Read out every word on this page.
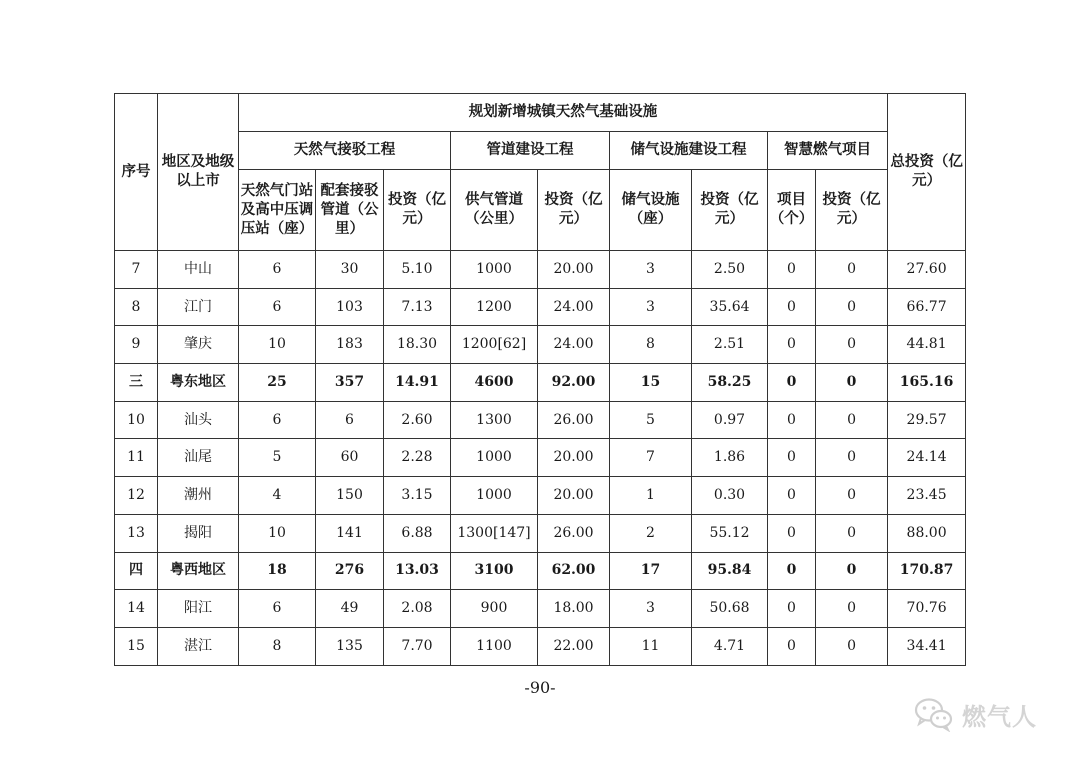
序号	地区及地级以上市	规划新增城镇天然气基础设施									总投资（亿元）
		天然气接驳工程			管道建设工程		储气设施建设工程		智慧燃气项目		
		天然气门站及高中压调压站（座）	配套接驳管道（公里）	投资（亿元）	供气管道（公里）	投资（亿元）	储气设施（座）	投资（亿元）	项目（个）	投资（亿元）	
7	中山	6	30	5.10	1000	20.00	3	2.50	0	0	27.60
8	江门	6	103	7.13	1200	24.00	3	35.64	0	0	66.77
9	肇庆	10	183	18.30	1200[62]	24.00	8	2.51	0	0	44.81
三	粤东地区	25	357	14.91	4600	92.00	15	58.25	0	0	165.16
10	汕头	6	6	2.60	1300	26.00	5	0.97	0	0	29.57
11	汕尾	5	60	2.28	1000	20.00	7	1.86	0	0	24.14
12	潮州	4	150	3.15	1000	20.00	1	0.30	0	0	23.45
13	揭阳	10	141	6.88	1300[147]	26.00	2	55.12	0	0	88.00
四	粤西地区	18	276	13.03	3100	62.00	17	95.84	0	0	170.87
14	阳江	6	49	2.08	900	18.00	3	50.68	0	0	70.76
15	湛江	8	135	7.70	1100	22.00	11	4.71	0	0	34.41
-90-
燃气人
